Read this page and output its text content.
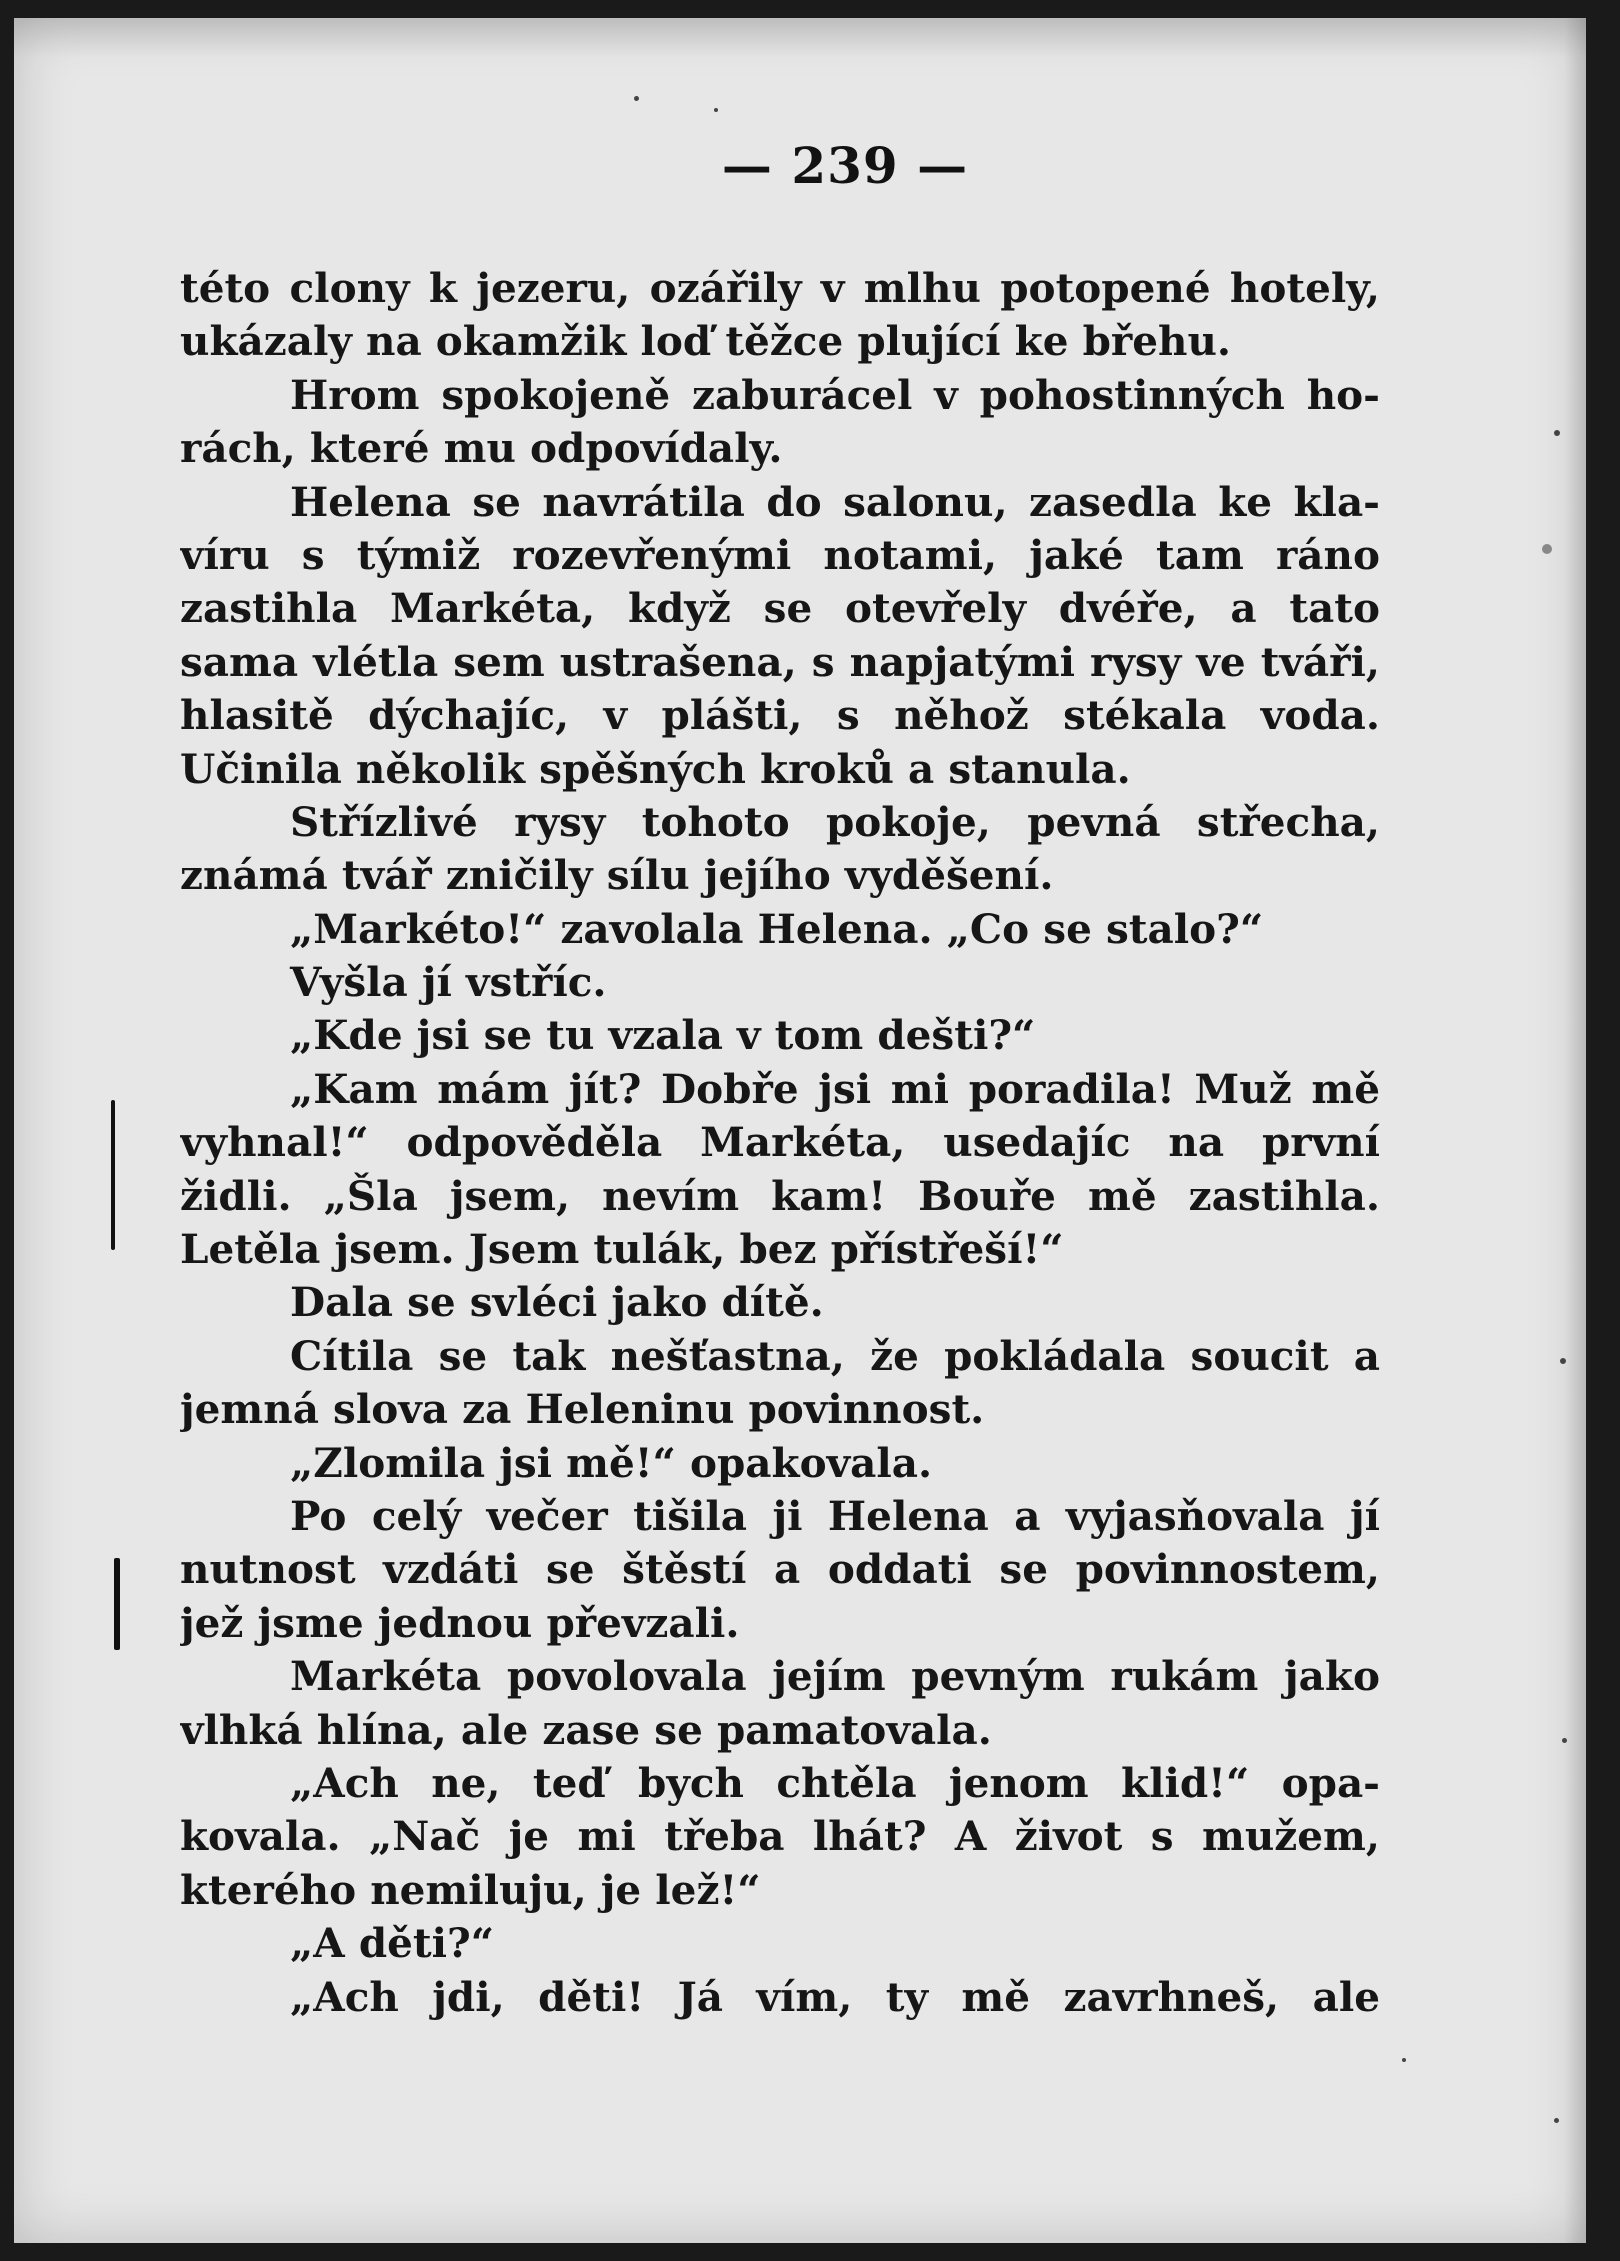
— 239 —
této clony k jezeru, ozářily v mlhu potopené hotely,
ukázaly na okamžik loď těžce plující ke břehu.
Hrom spokojeně zaburácel v pohostinných ho-
rách, které mu odpovídaly.
Helena se navrátila do salonu, zasedla ke kla-
víru s týmiž rozevřenými notami, jaké tam ráno
zastihla Markéta, když se otevřely dvéře, a tato
sama vlétla sem ustrašena, s napjatými rysy ve tváři,
hlasitě dýchajíc, v plášti, s něhož stékala voda.
Učinila několik spěšných kroků a stanula.
Střízlivé rysy tohoto pokoje, pevná střecha,
známá tvář zničily sílu jejího vyděšení.
„Markéto!“ zavolala Helena. „Co se stalo?“
Vyšla jí vstříc.
„Kde jsi se tu vzala v tom dešti?“
„Kam mám jít? Dobře jsi mi poradila! Muž mě
vyhnal!“ odpověděla Markéta, usedajíc na první
židli. „Šla jsem, nevím kam! Bouře mě zastihla.
Letěla jsem. Jsem tulák, bez přístřeší!“
Dala se svléci jako dítě.
Cítila se tak nešťastna, že pokládala soucit a
jemná slova za Heleninu povinnost.
„Zlomila jsi mě!“ opakovala.
Po celý večer tišila ji Helena a vyjasňovala jí
nutnost vzdáti se štěstí a oddati se povinnostem,
jež jsme jednou převzali.
Markéta povolovala jejím pevným rukám jako
vlhká hlína, ale zase se pamatovala.
„Ach ne, teď bych chtěla jenom klid!“ opa-
kovala. „Nač je mi třeba lhát? A život s mužem,
kterého nemiluju, je lež!“
„A děti?“
„Ach jdi, děti! Já vím, ty mě zavrhneš, ale
